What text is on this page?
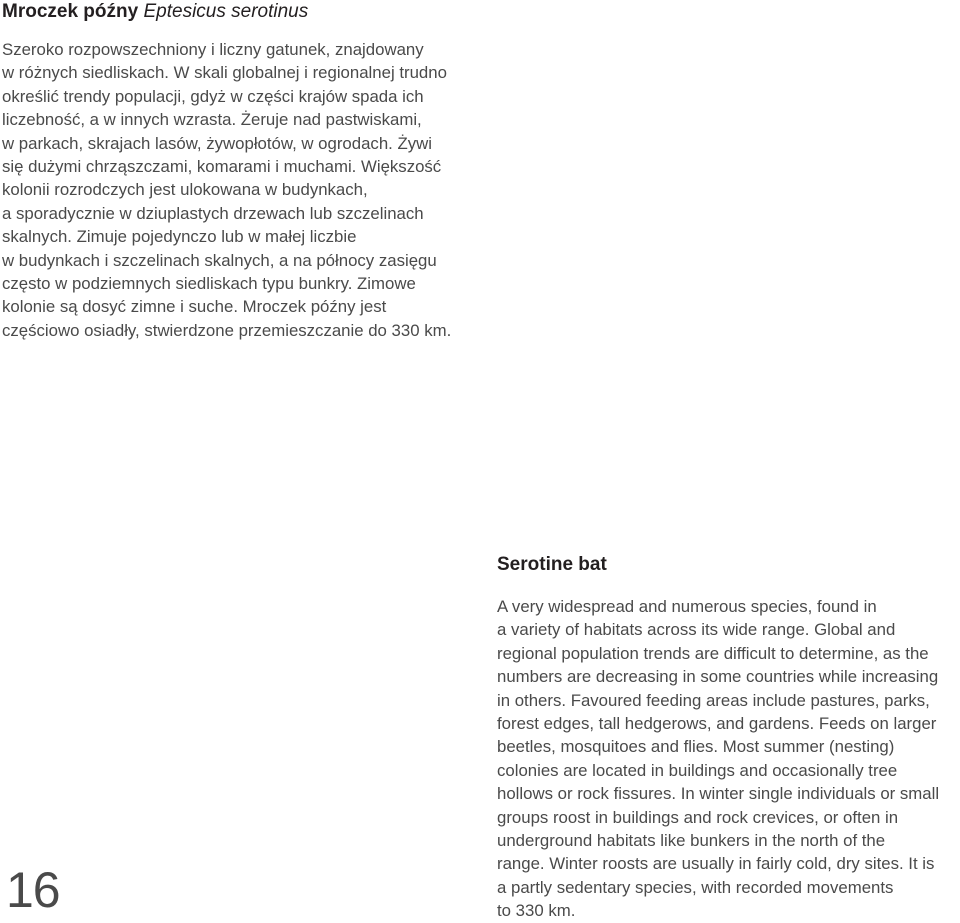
Mroczek późny Eptesicus serotinus

Szeroko rozpowszechniony i liczny gatunek, znajdowany
w różnych siedliskach. W skali globalnej i regionalnej trudno
określić trendy populacji, gdyż w części krajów spada ich
liczebność, a w innych wzrasta. Żeruje nad pastwiskami,
w parkach, skrajach lasów, żywopłotów, w ogrodach. Żywi
się dużymi chrząszczami, komarami i muchami. Większość
kolonii rozrodczych jest ulokowana w budynkach,
a sporadycznie w dziuplastych drzewach lub szczelinach
skalnych. Zimuje pojedynczo lub w małej liczbie
w budynkach i szczelinach skalnych, a na północy zasięgu
często w podziemnych siedliskach typu bunkry. Zimowe
kolonie są dosyć zimne i suche. Mroczek późny jest
częściowo osiadły, stwierdzone przemieszczanie do 330 km.

Serotine bat

A very widespread and numerous species, found in
a variety of habitats across its wide range. Global and
regional population trends are difficult to determine, as the
numbers are decreasing in some countries while increasing
in others. Favoured feeding areas include pastures, parks,
forest edges, tall hedgerows, and gardens. Feeds on larger
beetles, mosquitoes and flies. Most summer (nesting)
colonies are located in buildings and occasionally tree
hollows or rock fissures. In winter single individuals or small
groups roost in buildings and rock crevices, or often in
underground habitats like bunkers in the north of the
range. Winter roosts are usually in fairly cold, dry sites. It is
a partly sedentary species, with recorded movements
to 330 km.

16
